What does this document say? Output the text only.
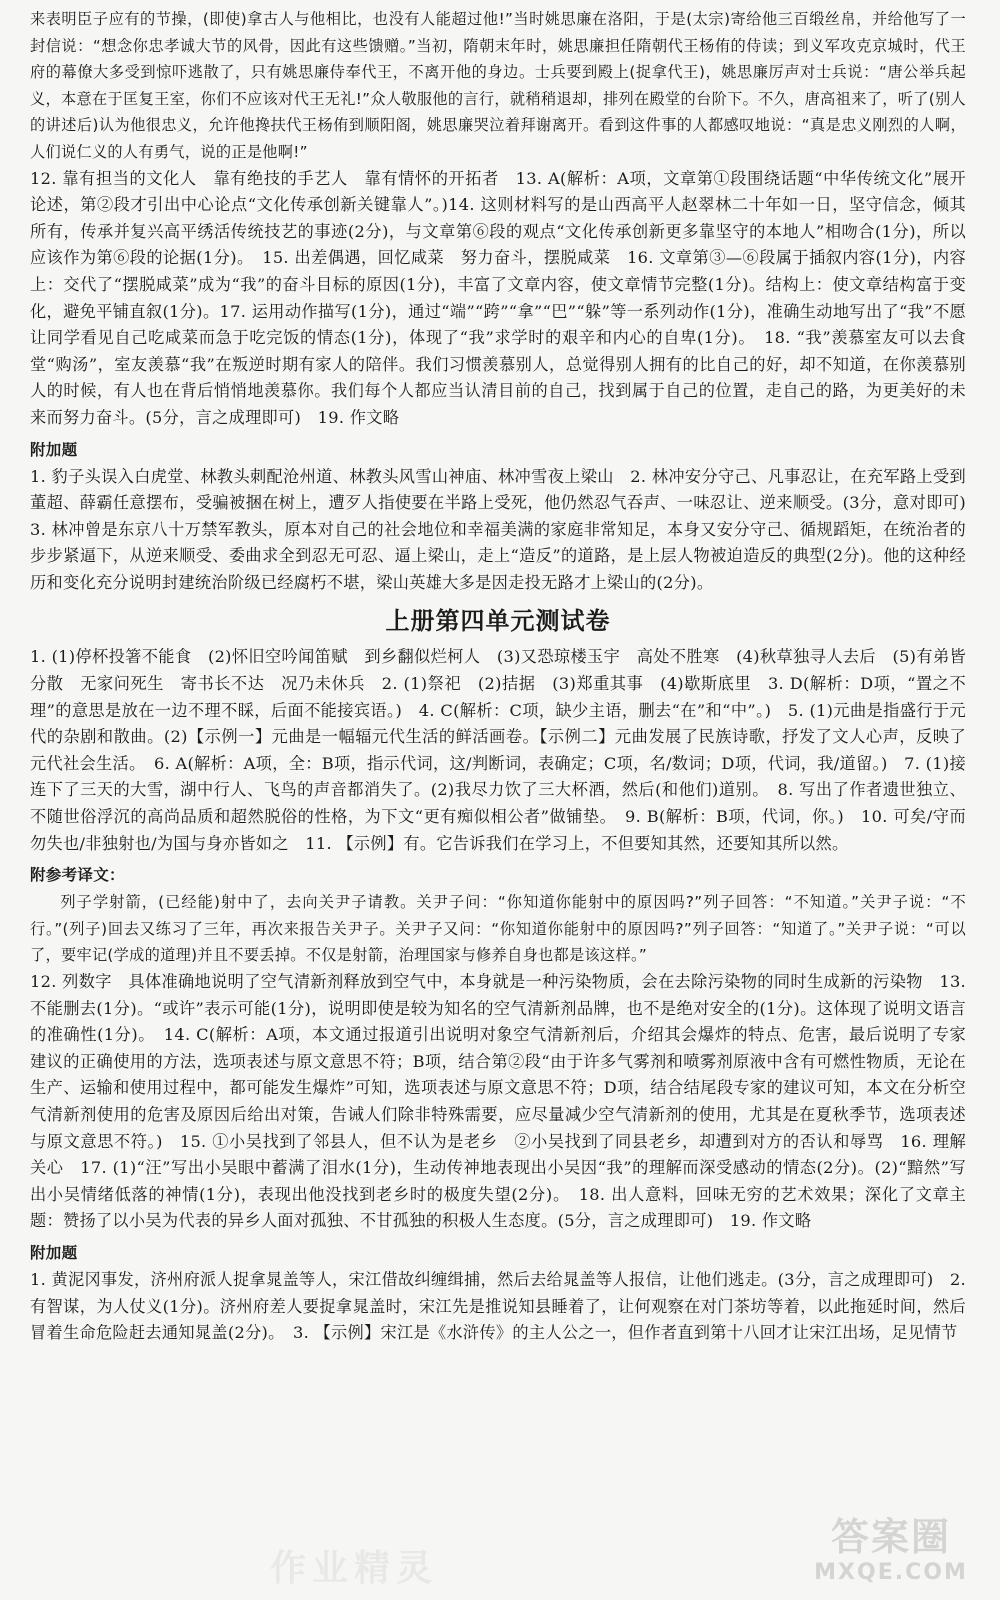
来表明臣子应有的节操，(即使)拿古人与他相比，也没有人能超过他!”当时姚思廉在洛阳，于是(太宗)寄给他三百缎丝帛，并给他写了一封信说：“想念你忠孝诚大节的风骨，因此有这些馈赠。”当初，隋朝末年时，姚思廉担任隋朝代王杨侑的侍读；到义军攻克京城时，代王府的幕僚大多受到惊吓逃散了，只有姚思廉侍奉代王，不离开他的身边。士兵要到殿上(捉拿代王)，姚思廉厉声对士兵说：“唐公举兵起义，本意在于匡复王室，你们不应该对代王无礼!”众人敬服他的言行，就稍稍退却，排列在殿堂的台阶下。不久，唐高祖来了，听了(别人的讲述后)认为他很忠义，允许他搀扶代王杨侑到顺阳阁，姚思廉哭泣着拜谢离开。看到这件事的人都感叹地说：“真是忠义刚烈的人啊，人们说仁义的人有勇气，说的正是他啊!”

12. 靠有担当的文化人　靠有绝技的手艺人　靠有情怀的开拓者　13. A(解析：A项，文章第①段围绕话题“中华传统文化”展开论述，第②段才引出中心论点“文化传承创新关键靠人”。)14. 这则材料写的是山西高平人赵翠林二十年如一日，坚守信念，倾其所有，传承并复兴高平绣活传统技艺的事迹(2分)，与文章第⑥段的观点“文化传承创新更多靠坚守的本地人”相吻合(1分)，所以应该作为第⑥段的论据(1分)。　15. 出差偶遇，回忆咸菜　努力奋斗，摆脱咸菜　16. 文章第③—⑥段属于插叙内容(1分)，内容上：交代了“摆脱咸菜”成为“我”的奋斗目标的原因(1分)，丰富了文章内容，使文章情节完整(1分)。结构上：使文章结构富于变化，避免平铺直叙(1分)。17. 运用动作描写(1分)，通过“端”“跨”“拿”“巴”“躲”等一系列动作(1分)，准确生动地写出了“我”不愿让同学看见自己吃咸菜而急于吃完饭的情态(1分)，体现了“我”求学时的艰辛和内心的自卑(1分)。　18. “我”羡慕室友可以去食堂“购汤”，室友羡慕“我”在叛逆时期有家人的陪伴。我们习惯羡慕别人，总觉得别人拥有的比自己的好，却不知道，在你羡慕别人的时候，有人也在背后悄悄地羡慕你。我们每个人都应当认清目前的自己，找到属于自己的位置，走自己的路，为更美好的未来而努力奋斗。(5分，言之成理即可)　19. 作文略

附加题

1. 豹子头误入白虎堂、林教头刺配沧州道、林教头风雪山神庙、林冲雪夜上梁山　2. 林冲安分守己、凡事忍让，在充军路上受到董超、薛霸任意摆布，受骗被捆在树上，遭歹人指使要在半路上受死，他仍然忍气吞声、一味忍让、逆来顺受。(3分，意对即可)　3. 林冲曾是东京八十万禁军教头，原本对自己的社会地位和幸福美满的家庭非常知足，本身又安分守己、循规蹈矩，在统治者的步步紧逼下，从逆来顺受、委曲求全到忍无可忍、逼上梁山，走上“造反”的道路，是上层人物被迫造反的典型(2分)。他的这种经历和变化充分说明封建统治阶级已经腐朽不堪，梁山英雄大多是因走投无路才上梁山的(2分)。

上册第四单元测试卷

1. (1)停杯投箸不能食　(2)怀旧空吟闻笛赋　到乡翻似烂柯人　(3)又恐琼楼玉宇　高处不胜寒　(4)秋草独寻人去后　(5)有弟皆分散　无家问死生　寄书长不达　况乃未休兵　2. (1)祭祀　(2)拮据　(3)郑重其事　(4)歇斯底里　3. D(解析：D项，“置之不理”的意思是放在一边不理不睬，后面不能接宾语。)　4. C(解析：C项，缺少主语，删去“在”和“中”。)　5. (1)元曲是指盛行于元代的杂剧和散曲。(2)【示例一】元曲是一幅辐元代生活的鲜活画卷。【示例二】元曲发展了民族诗歌，抒发了文人心声，反映了元代社会生活。　6. A(解析：A项，全：B项，指示代词，这/判断词，表确定；C项，名/数词；D项，代词，我/道留。)　7. (1)接连下了三天的大雪，湖中行人、飞鸟的声音都消失了。(2)我尽力饮了三大杯酒，然后(和他们)道别。　8. 写出了作者遗世独立、不随世俗浮沉的高尚品质和超然脱俗的性格，为下文“更有痴似相公者”做铺垫。　9. B(解析：B项，代词，你。)　10. 可矣/守而勿失也/非独射也/为国与身亦皆如之　11. 【示例】有。它告诉我们在学习上，不但要知其然，还要知其所以然。

附参考译文：

列子学射箭，(已经能)射中了，去向关尹子请教。关尹子问：“你知道你能射中的原因吗?”列子回答：“不知道。”关尹子说：“不行。”(列子)回去又练习了三年，再次来报告关尹子。关尹子又问：“你知道你能射中的原因吗?”列子回答：“知道了。”关尹子说：“可以了，要牢记(学成的道理)并且不要丢掉。不仅是射箭，治理国家与修养自身也都是该这样。”

12. 列数字　具体准确地说明了空气清新剂释放到空气中，本身就是一种污染物质，会在去除污染物的同时生成新的污染物　13. 不能删去(1分)。“或许”表示可能(1分)，说明即使是较为知名的空气清新剂品牌，也不是绝对安全的(1分)。这体现了说明文语言的准确性(1分)。　14. C(解析：A项，本文通过报道引出说明对象空气清新剂后，介绍其会爆炸的特点、危害，最后说明了专家建议的正确使用的方法，选项表述与原文意思不符；B项，结合第②段“由于许多气雾剂和喷雾剂原液中含有可燃性物质，无论在生产、运输和使用过程中，都可能发生爆炸”可知，选项表述与原文意思不符；D项，结合结尾段专家的建议可知，本文在分析空气清新剂使用的危害及原因后给出对策，告诫人们除非特殊需要，应尽量减少空气清新剂的使用，尤其是在夏秋季节，选项表述与原文意思不符。)　15. ①小吴找到了邻县人，但不认为是老乡　②小吴找到了同县老乡，却遭到对方的否认和辱骂　16. 理解　关心　17. (1)“汪”写出小吴眼中蓄满了泪水(1分)，生动传神地表现出小吴因“我”的理解而深受感动的情态(2分)。(2)“黯然”写出小吴情绪低落的神情(1分)，表现出他没找到老乡时的极度失望(2分)。　18. 出人意料，回味无穷的艺术效果；深化了文章主题：赞扬了以小吴为代表的异乡人面对孤独、不甘孤独的积极人生态度。(5分，言之成理即可)　19. 作文略

附加题

1. 黄泥冈事发，济州府派人捉拿晁盖等人，宋江借故纠缠缉捕，然后去给晁盖等人报信，让他们逃走。(3分，言之成理即可)　2. 有智谋，为人仗义(1分)。济州府差人要捉拿晁盖时，宋江先是推说知县睡着了，让何观察在对门茶坊等着，以此拖延时间，然后冒着生命危险赶去通知晁盖(2分)。　3. 【示例】宋江是《水浒传》的主人公之一，但作者直到第十八回才让宋江出场，足见情节

作业精灵
答案圈
MXQE.COM
